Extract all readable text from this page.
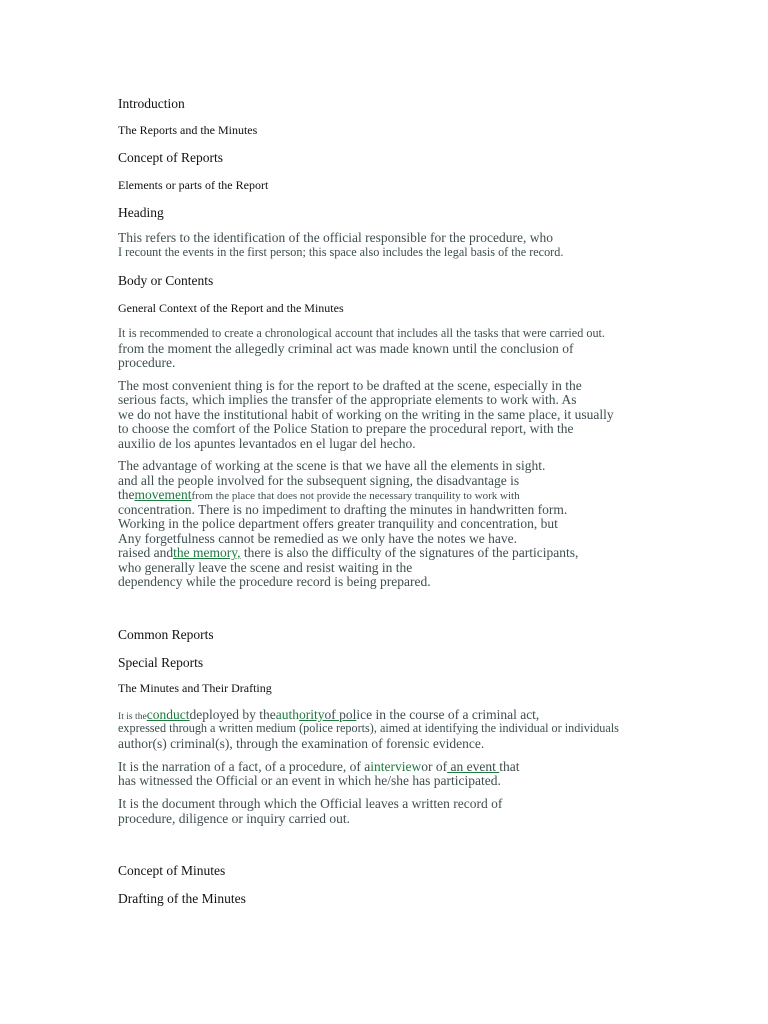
Introduction
The Reports and the Minutes
Concept of Reports
Elements or parts of the Report
Heading
This refers to the identification of the official responsible for the procedure, who
I recount the events in the first person; this space also includes the legal basis of the record.
Body or Contents
General Context of the Report and the Minutes
It is recommended to create a chronological account that includes all the tasks that were carried out.
from the moment the allegedly criminal act was made known until the conclusion of
procedure.
The most convenient thing is for the report to be drafted at the scene, especially in the
serious facts, which implies the transfer of the appropriate elements to work with. As
we do not have the institutional habit of working on the writing in the same place, it usually
to choose the comfort of the Police Station to prepare the procedural report, with the
auxilio de los apuntes levantados en el lugar del hecho.
The advantage of working at the scene is that we have all the elements in sight.
and all the people involved for the subsequent signing, the disadvantage is
themovementfrom the place that does not provide the necessary tranquility to work with
concentration. There is no impediment to drafting the minutes in handwritten form.
Working in the police department offers greater tranquility and concentration, but
Any forgetfulness cannot be remedied as we only have the notes we have.
raised andthe memory, there is also the difficulty of the signatures of the participants,
who generally leave the scene and resist waiting in the
dependency while the procedure record is being prepared.
Common Reports
Special Reports
The Minutes and Their Drafting
It is theconductdeployed by theauthorityof police in the course of a criminal act,
expressed through a written medium (police reports), aimed at identifying the individual or individuals
author(s) criminal(s), through the examination of forensic evidence.
It is the narration of a fact, of a procedure, of ainterviewor of an event that
has witnessed the Official or an event in which he/she has participated.
It is the document through which the Official leaves a written record of
procedure, diligence or inquiry carried out.
Concept of Minutes
Drafting of the Minutes
